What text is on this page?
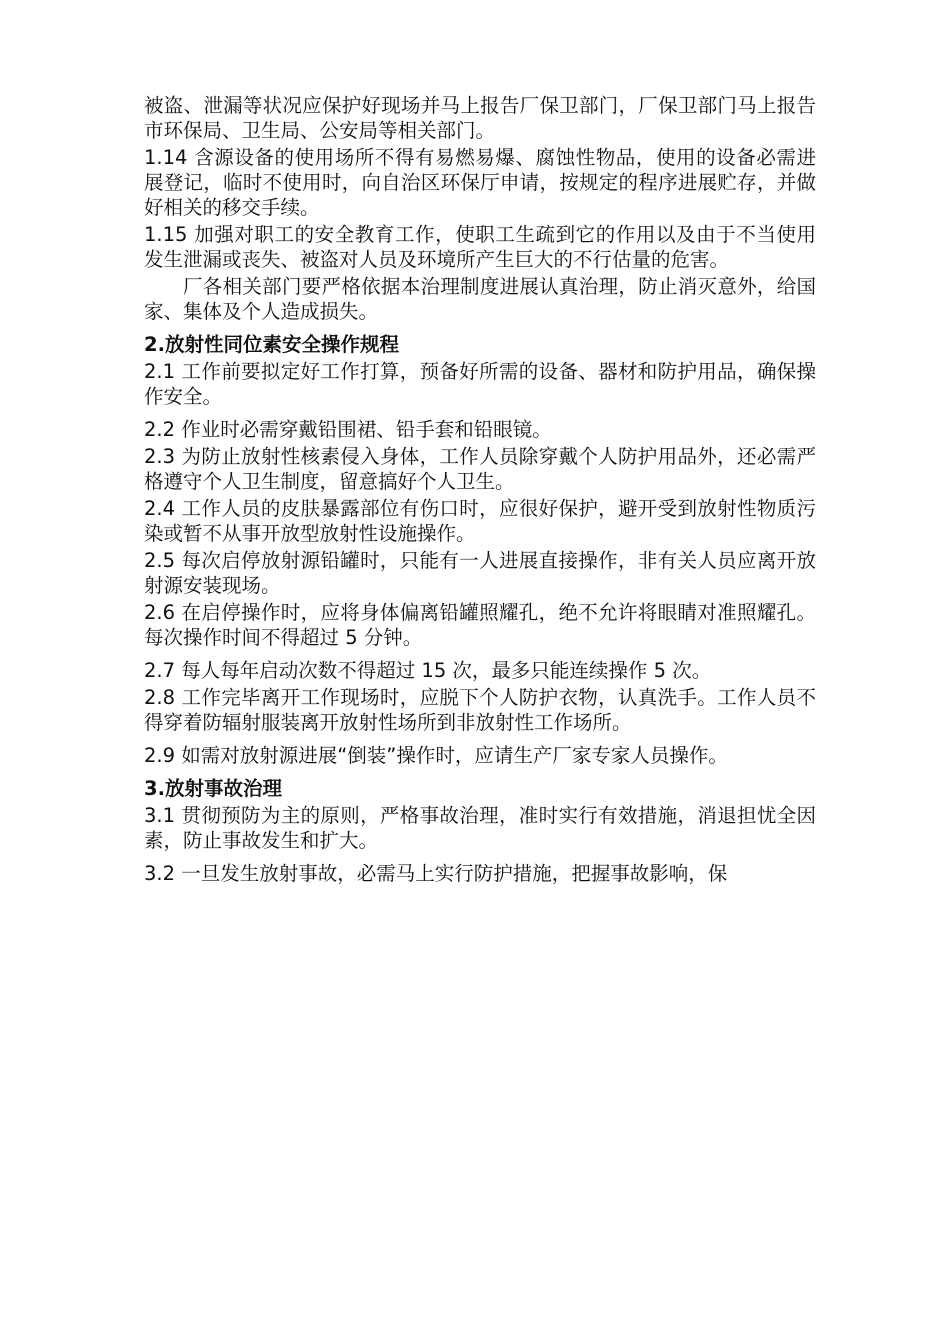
被盗、泄漏等状况应保护好现场并马上报告厂保卫部门，厂保卫部门马上报告市环保局、卫生局、公安局等相关部门。

1.14 含源设备的使用场所不得有易燃易爆、腐蚀性物品，使用的设备必需进展登记，临时不使用时，向自治区环保厅申请，按规定的程序进展贮存，并做好相关的移交手续。

1.15 加强对职工的安全教育工作，使职工生疏到它的作用以及由于不当使用发生泄漏或丧失、被盗对人员及环境所产生巨大的不行估量的危害。

厂各相关部门要严格依据本治理制度进展认真治理，防止消灭意外，给国家、集体及个人造成损失。

2.放射性同位素安全操作规程

2.1 工作前要拟定好工作打算，预备好所需的设备、器材和防护用品，确保操作安全。

2.2 作业时必需穿戴铅围裙、铅手套和铅眼镜。

2.3 为防止放射性核素侵入身体，工作人员除穿戴个人防护用品外，还必需严格遵守个人卫生制度，留意搞好个人卫生。

2.4 工作人员的皮肤暴露部位有伤口时，应很好保护，避开受到放射性物质污染或暂不从事开放型放射性设施操作。

2.5 每次启停放射源铅罐时，只能有一人进展直接操作，非有关人员应离开放射源安装现场。

2.6 在启停操作时，应将身体偏离铅罐照耀孔，绝不允许将眼睛对准照耀孔。每次操作时间不得超过 5 分钟。

2.7 每人每年启动次数不得超过 15 次，最多只能连续操作 5 次。

2.8 工作完毕离开工作现场时，应脱下个人防护衣物，认真洗手。工作人员不得穿着防辐射服装离开放射性场所到非放射性工作场所。

2.9 如需对放射源进展“倒装”操作时，应请生产厂家专家人员操作。

3.放射事故治理

3.1 贯彻预防为主的原则，严格事故治理，准时实行有效措施，消退担忧全因素，防止事故发生和扩大。

3.2 一旦发生放射事故，必需马上实行防护措施，把握事故影响，保
